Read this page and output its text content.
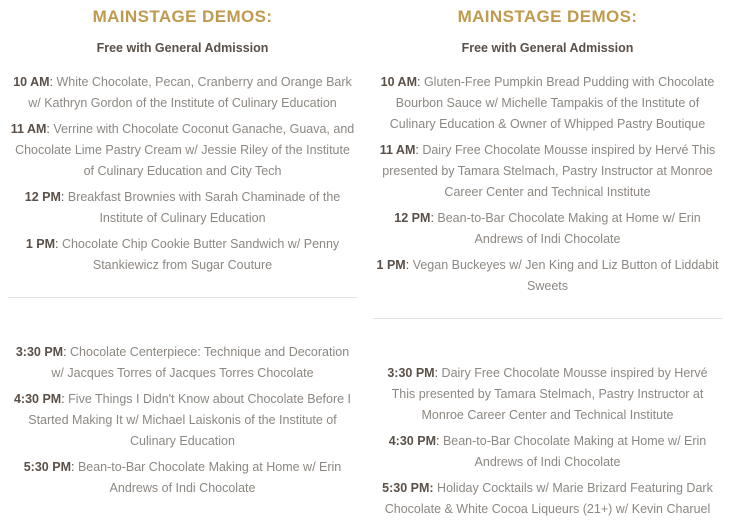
MAINSTAGE DEMOS:
Free with General Admission

10 AM: White Chocolate, Pecan, Cranberry and Orange Bark w/ Kathryn Gordon of the Institute of Culinary Education

11 AM: Verrine with Chocolate Coconut Ganache, Guava, and Chocolate Lime Pastry Cream w/ Jessie Riley of the Institute of Culinary Education and City Tech

12 PM: Breakfast Brownies with Sarah Chaminade of the Institute of Culinary Education

1 PM: Chocolate Chip Cookie Butter Sandwich w/ Penny Stankiewicz from Sugar Couture

3:30 PM: Chocolate Centerpiece: Technique and Decoration w/ Jacques Torres of Jacques Torres Chocolate

4:30 PM: Five Things I Didn't Know about Chocolate Before I Started Making It w/ Michael Laiskonis of the Institute of Culinary Education

5:30 PM: Bean-to-Bar Chocolate Making at Home w/ Erin Andrews of Indi Chocolate

MAINSTAGE DEMOS:
Free with General Admission

10 AM: Gluten-Free Pumpkin Bread Pudding with Chocolate Bourbon Sauce w/ Michelle Tampakis of the Institute of Culinary Education & Owner of Whipped Pastry Boutique

11 AM: Dairy Free Chocolate Mousse inspired by Hervé This presented by Tamara Stelmach, Pastry Instructor at Monroe Career Center and Technical Institute

12 PM: Bean-to-Bar Chocolate Making at Home w/ Erin Andrews of Indi Chocolate

1 PM: Vegan Buckeyes w/ Jen King and Liz Button of Liddabit Sweets

3:30 PM: Dairy Free Chocolate Mousse inspired by Hervé This presented by Tamara Stelmach, Pastry Instructor at Monroe Career Center and Technical Institute

4:30 PM: Bean-to-Bar Chocolate Making at Home w/ Erin Andrews of Indi Chocolate

5:30 PM: Holiday Cocktails w/ Marie Brizard Featuring Dark Chocolate & White Cocoa Liqueurs (21+) w/ Kevin Charuel
